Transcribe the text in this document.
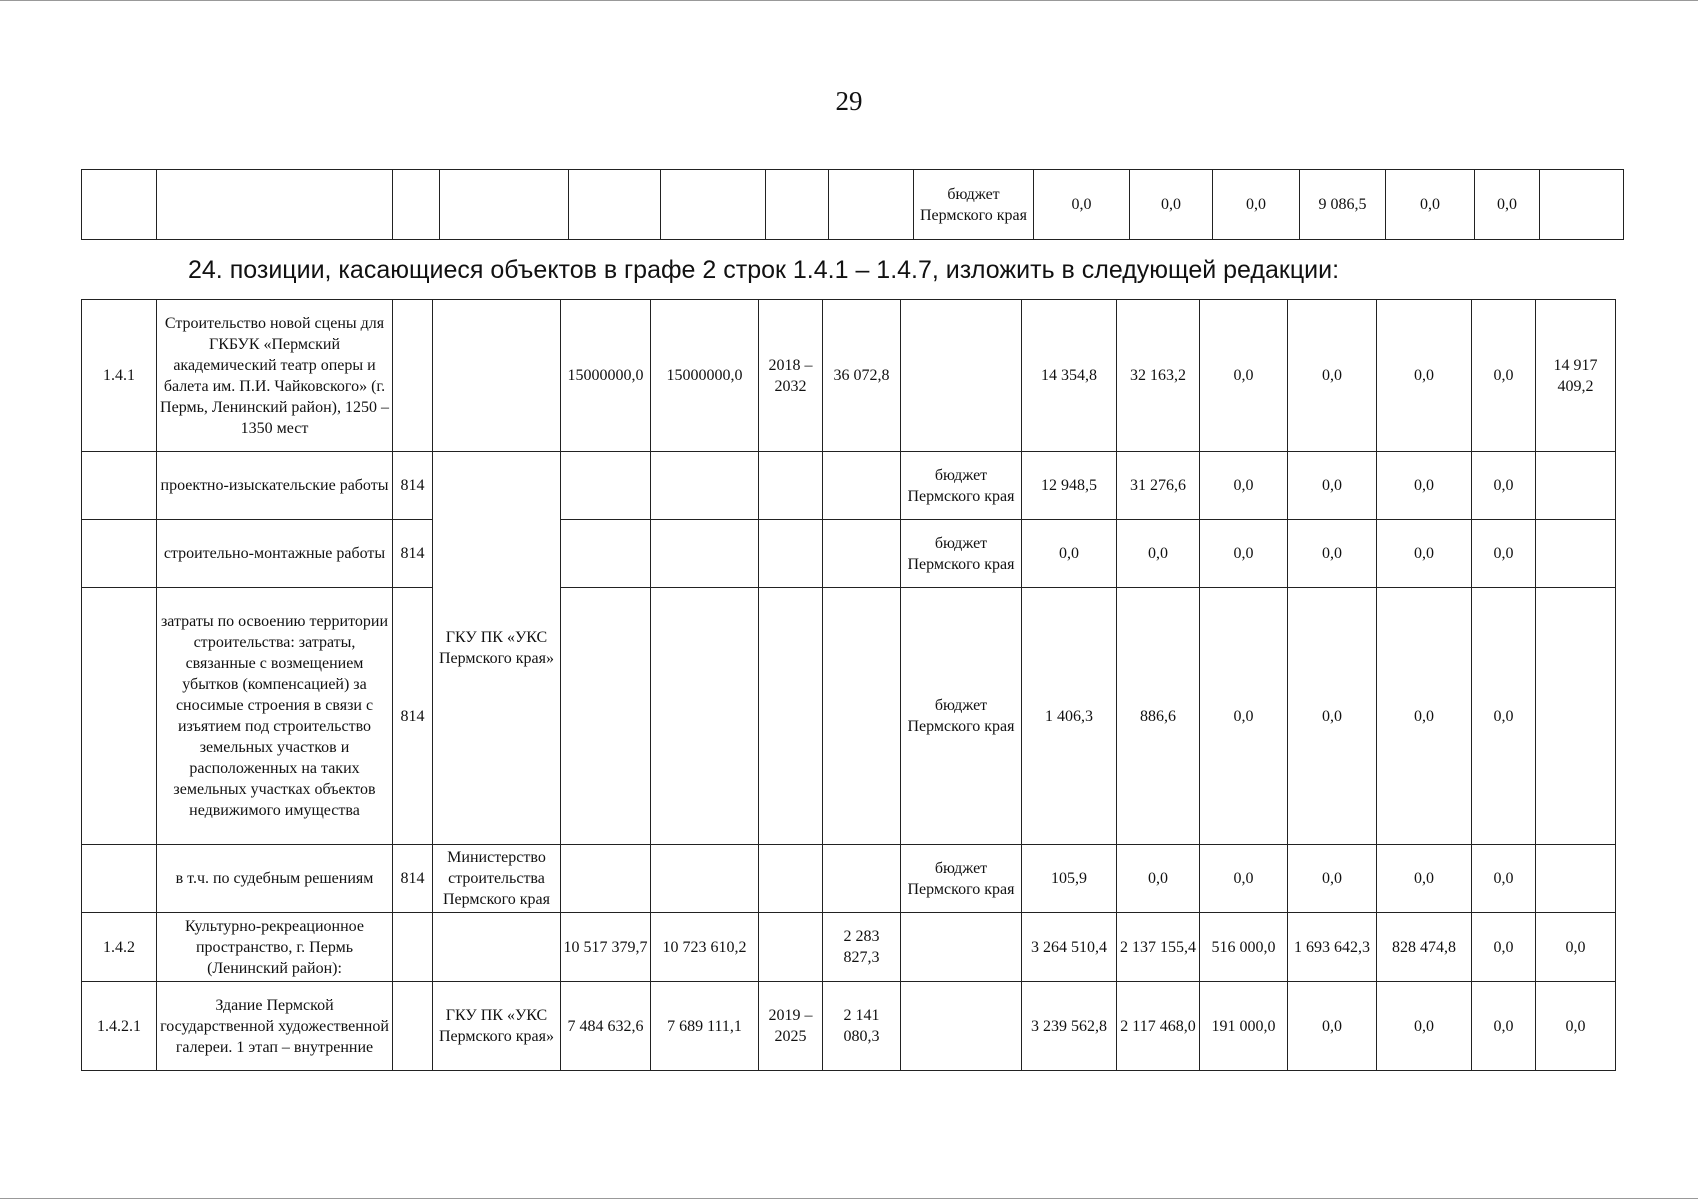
29
								бюджет Пермского края	0,0	0,0	0,0	9 086,5	0,0	0,0	
24. позиции, касающиеся объектов в графе 2 строк 1.4.1 – 1.4.7, изложить в следующей редакции:
1.4.1	Строительство новой сцены для ГКБУК «Пермский академический театр оперы и балета им. П.И. Чайковского» (г. Пермь, Ленинский район), 1250 – 1350 мест			15000000,0	15000000,0	2018 – 2032	36 072,8		14 354,8	32 163,2	0,0	0,0	0,0	0,0	14 917 409,2
	проектно-изыскательские работы	814	ГКУ ПК «УКС Пермского края»					бюджет Пермского края	12 948,5	31 276,6	0,0	0,0	0,0	0,0	
	строительно-монтажные работы	814						бюджет Пермского края	0,0	0,0	0,0	0,0	0,0	0,0	
	затраты по освоению территории строительства: затраты, связанные с возмещением убытков (компенсацией) за сносимые строения в связи с изъятием под строительство земельных участков и расположенных на таких земельных участках объектов недвижимого имущества	814						бюджет Пермского края	1 406,3	886,6	0,0	0,0	0,0	0,0	
	в т.ч. по судебным решениям	814	Министерство строительства Пермского края					бюджет Пермского края	105,9	0,0	0,0	0,0	0,0	0,0	
1.4.2	Культурно-рекреационное пространство, г. Пермь (Ленинский район):			10 517 379,7	10 723 610,2		2 283 827,3		3 264 510,4	2 137 155,4	516 000,0	1 693 642,3	828 474,8	0,0	0,0
1.4.2.1	Здание Пермской государственной художественной галереи. 1 этап – внутренние		ГКУ ПК «УКС Пермского края»	7 484 632,6	7 689 111,1	2019 – 2025	2 141 080,3		3 239 562,8	2 117 468,0	191 000,0	0,0	0,0	0,0	0,0
